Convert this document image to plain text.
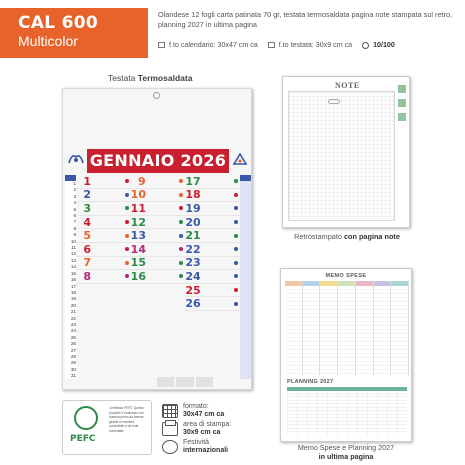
CAL 600
Multicolor
Olandese 12 fogli carta patinata 70 gr, testata termosaldata pagina note stampata sul retro, planning 2027 in ultima pagina
f.to calendario: 30x47 cm ca	f.to testata: 30x9 cm ca	10/100
Testata Termosaldata
GENNAIO 2026
1
2
3
4
5
6
7
8
9
10
11
12
13
14
15
16
17
18
19
20
21
22
23
24
25
26
27
28
29
30
31
1
2
3
4
5
6
7
8
9
10
11
12
13
14
15
16
17
18
19
20
21
22
23
24
25
26
NOTE
Retrostampato con pagina note
MEMO SPESE
PLANNING 2027
Memo Spese e Planning 2027
in ultima pagina
PEFC
Certificato PEFC Questo prodotto è realizzato con materia prima da foreste gestite in maniera sostenibile e da fonti controllate
formato:
30x47 cm ca
area di stampa:
30x9 cm ca
Festività
internazionali
